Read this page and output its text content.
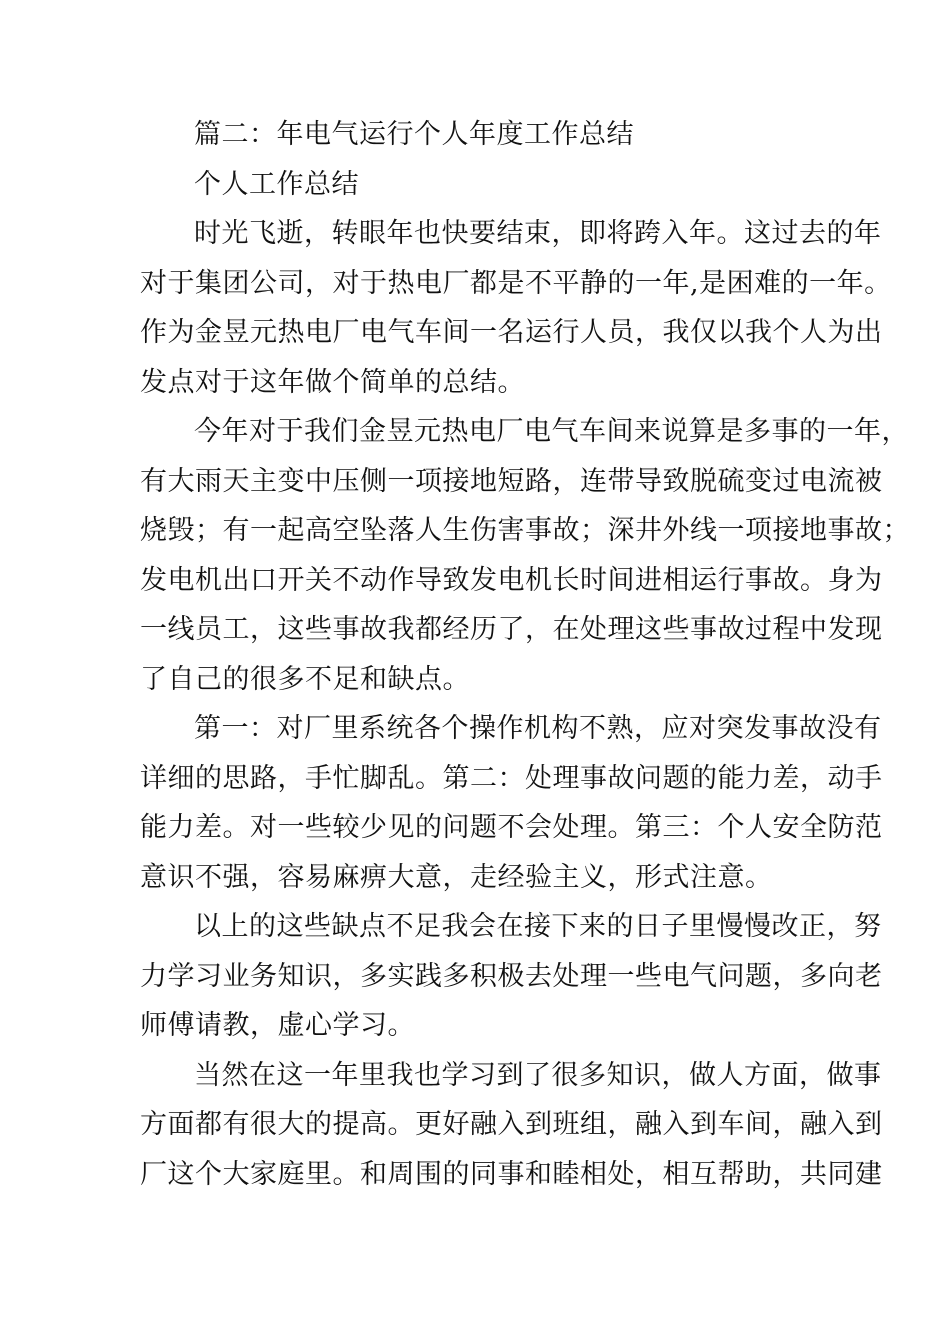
篇二：年电气运行个人年度工作总结

个人工作总结

时光飞逝，转眼年也快要结束，即将跨入年。这过去的年
对于集团公司，对于热电厂都是不平静的一年,是困难的一年。
作为金昱元热电厂电气车间一名运行人员，我仅以我个人为出
发点对于这年做个简单的总结。
今年对于我们金昱元热电厂电气车间来说算是多事的一年，
有大雨天主变中压侧一项接地短路，连带导致脱硫变过电流被
烧毁；有一起高空坠落人生伤害事故；深井外线一项接地事故；
发电机出口开关不动作导致发电机长时间进相运行事故。身为
一线员工，这些事故我都经历了，在处理这些事故过程中发现
了自己的很多不足和缺点。
第一：对厂里系统各个操作机构不熟，应对突发事故没有
详细的思路，手忙脚乱。第二：处理事故问题的能力差，动手
能力差。对一些较少见的问题不会处理。第三：个人安全防范
意识不强，容易麻痹大意，走经验主义，形式注意。
以上的这些缺点不足我会在接下来的日子里慢慢改正，努
力学习业务知识，多实践多积极去处理一些电气问题，多向老
师傅请教，虚心学习。
当然在这一年里我也学习到了很多知识，做人方面，做事
方面都有很大的提高。更好融入到班组，融入到车间，融入到
厂这个大家庭里。和周围的同事和睦相处，相互帮助，共同建
